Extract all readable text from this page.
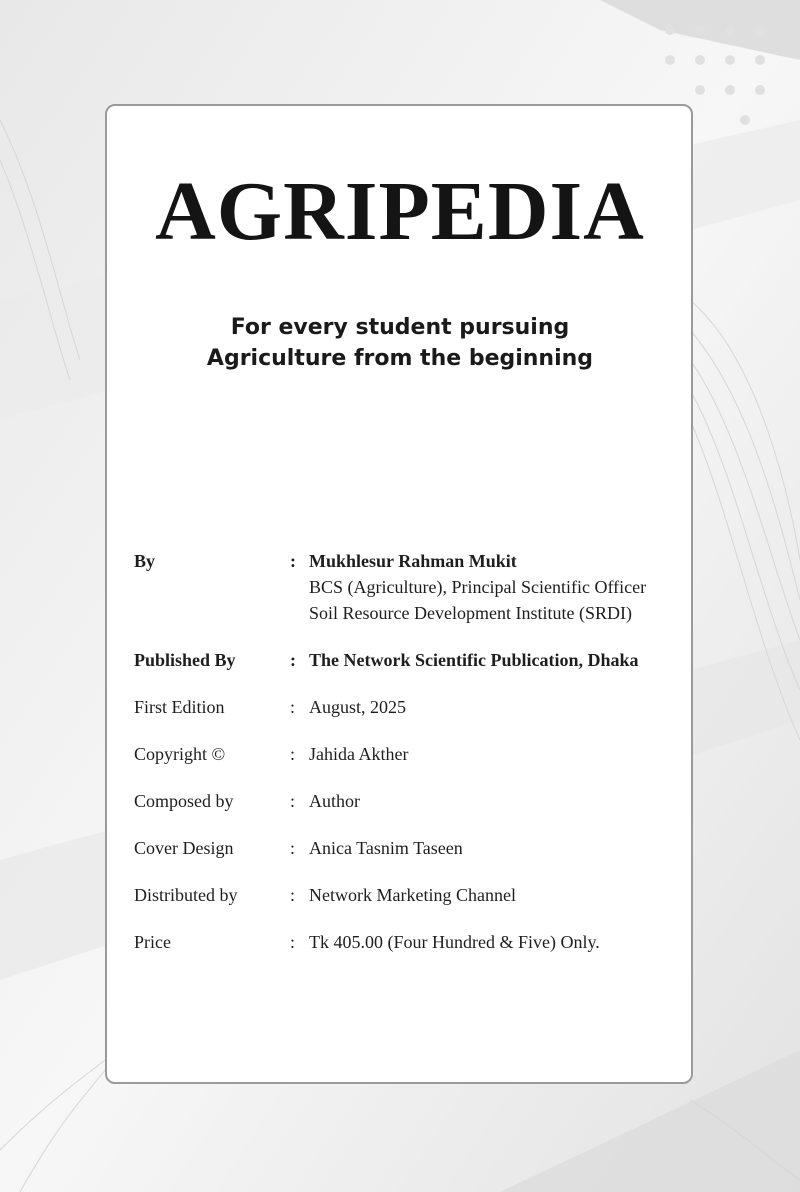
AGRIPEDIA
For every student pursuing
Agriculture from the beginning
By	: Mukhlesur Rahman Mukit
BCS (Agriculture), Principal Scientific Officer
Soil Resource Development Institute (SRDI)
Published By	: The Network Scientific Publication, Dhaka
First Edition	: August, 2025
Copyright ©	: Jahida Akther
Composed by	: Author
Cover Design	: Anica Tasnim Taseen
Distributed by	: Network Marketing Channel
Price	: Tk 405.00 (Four Hundred & Five) Only.
